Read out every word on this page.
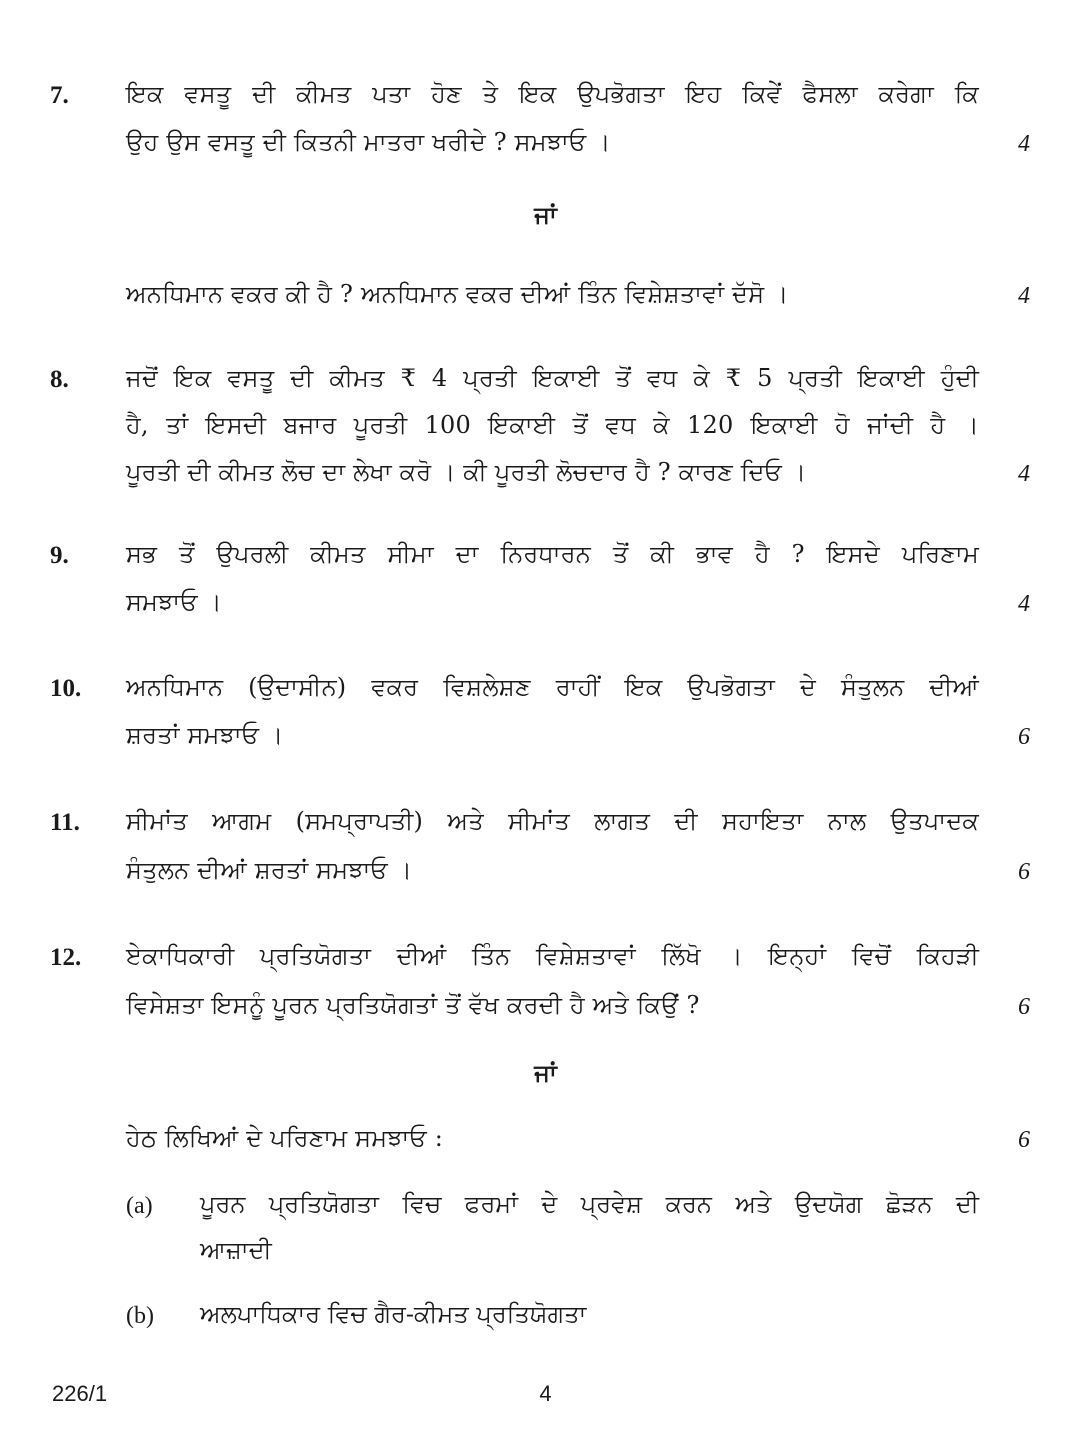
7. ਇਕ ਵਸਤੂ ਦੀ ਕੀਮਤ ਪਤਾ ਹੋਣ ਤੇ ਇਕ ਉਪਭੋਗਤਾ ਇਹ ਕਿਵੇਂ ਫੈਸਲਾ ਕਰੇਗਾ ਕਿ
ਉਹ ਉਸ ਵਸਤੂ ਦੀ ਕਿਤਨੀ ਮਾਤਰਾ ਖਰੀਦੇ ? ਸਮਝਾਓ ।	4
ਜਾਂ
ਅਨਧਿਮਾਨ ਵਕਰ ਕੀ ਹੈ ? ਅਨਧਿਮਾਨ ਵਕਰ ਦੀਆਂ ਤਿੰਨ ਵਿਸ਼ੇਸ਼ਤਾਵਾਂ ਦੱਸੋ ।	4
8. ਜਦੋਂ ਇਕ ਵਸਤੂ ਦੀ ਕੀਮਤ ₹ 4 ਪ੍ਰਤੀ ਇਕਾਈ ਤੋਂ ਵਧ ਕੇ ₹ 5 ਪ੍ਰਤੀ ਇਕਾਈ ਹੁੰਦੀ
ਹੈ, ਤਾਂ ਇਸਦੀ ਬਜਾਰ ਪੂਰਤੀ 100 ਇਕਾਈ ਤੋਂ ਵਧ ਕੇ 120 ਇਕਾਈ ਹੋ ਜਾਂਦੀ ਹੈ ।
ਪੂਰਤੀ ਦੀ ਕੀਮਤ ਲੋਚ ਦਾ ਲੇਖਾ ਕਰੋ । ਕੀ ਪੂਰਤੀ ਲੋਚਦਾਰ ਹੈ ? ਕਾਰਣ ਦਿਓ ।	4
9. ਸਭ ਤੋਂ ਉਪਰਲੀ ਕੀਮਤ ਸੀਮਾ ਦਾ ਨਿਰਧਾਰਨ ਤੋਂ ਕੀ ਭਾਵ ਹੈ ? ਇਸਦੇ ਪਰਿਣਾਮ
ਸਮਝਾਓ ।	4
10. ਅਨਧਿਮਾਨ (ਉਦਾਸੀਨ) ਵਕਰ ਵਿਸ਼ਲੇਸ਼ਣ ਰਾਹੀਂ ਇਕ ਉਪਭੋਗਤਾ ਦੇ ਸੰਤੁਲਨ ਦੀਆਂ
ਸ਼ਰਤਾਂ ਸਮਝਾਓ ।	6
11. ਸੀਮਾਂਤ ਆਗਮ (ਸਮਪ੍ਰਾਪਤੀ) ਅਤੇ ਸੀਮਾਂਤ ਲਾਗਤ ਦੀ ਸਹਾਇਤਾ ਨਾਲ ਉਤਪਾਦਕ
ਸੰਤੁਲਨ ਦੀਆਂ ਸ਼ਰਤਾਂ ਸਮਝਾਓ ।	6
12. ਏਕਾਧਿਕਾਰੀ ਪ੍ਰਤਿਯੋਗਤਾ ਦੀਆਂ ਤਿੰਨ ਵਿਸ਼ੇਸ਼ਤਾਵਾਂ ਲਿੱਖੋ । ਇਨ੍ਹਾਂ ਵਿਚੋਂ ਕਿਹੜੀ
ਵਿਸੇਸ਼ਤਾ ਇਸਨੂੰ ਪੂਰਨ ਪ੍ਰਤਿਯੋਗਤਾਂ ਤੋਂ ਵੱਖ ਕਰਦੀ ਹੈ ਅਤੇ ਕਿਉਂ ?	6
ਜਾਂ
ਹੇਠ ਲਿਖਿਆਂ ਦੇ ਪਰਿਣਾਮ ਸਮਝਾਓ :	6
(a) ਪੂਰਨ ਪ੍ਰਤਿਯੋਗਤਾ ਵਿਚ ਫਰਮਾਂ ਦੇ ਪ੍ਰਵੇਸ਼ ਕਰਨ ਅਤੇ ਉਦਯੋਗ ਛੋੜਨ ਦੀ
ਆਜ਼ਾਦੀ
(b) ਅਲਪਾਧਿਕਾਰ ਵਿਚ ਗੈਰ-ਕੀਮਤ ਪ੍ਰਤਿਯੋਗਤਾ
226/1	4
